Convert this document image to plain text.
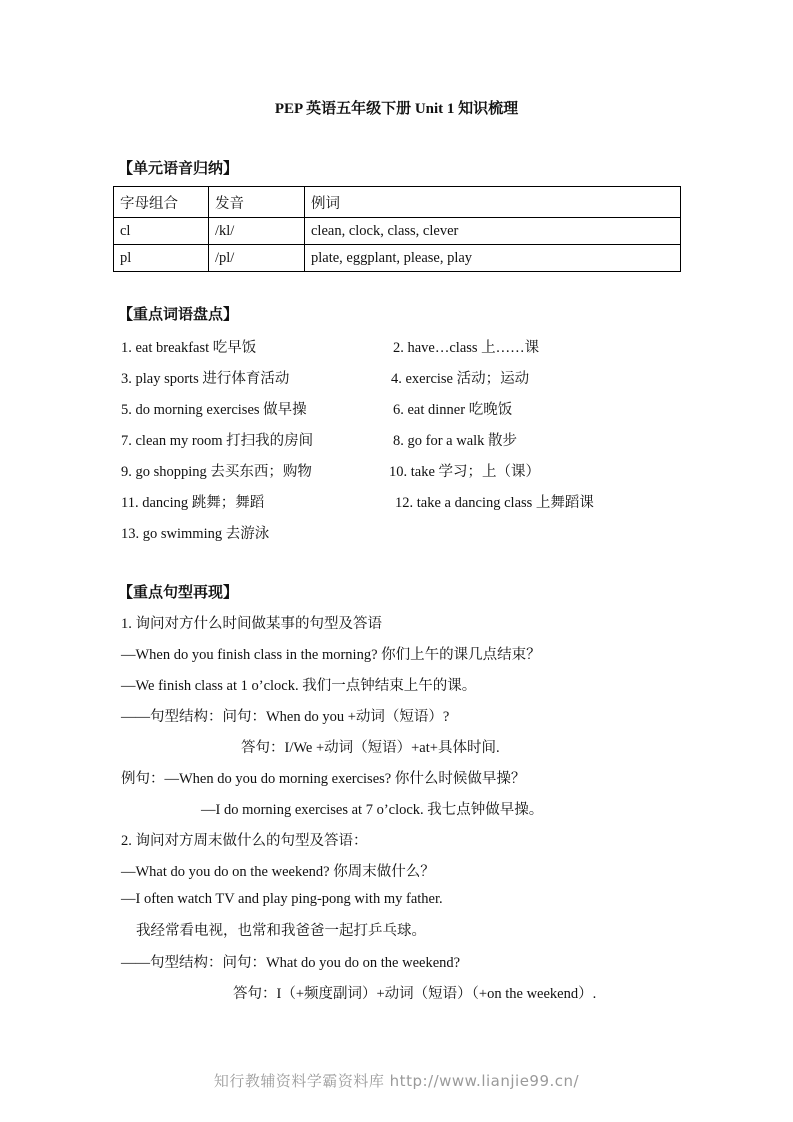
PEP 英语五年级下册 Unit 1 知识梳理
【单元语音归纳】
字母组合	发音	例词
cl	/kl/	clean, clock, class, clever
pl	/pl/	plate, eggplant, please, play
【重点词语盘点】
1. eat breakfast 吃早饭	2. have…class 上……课
3. play sports 进行体育活动	4. exercise 活动；运动
5. do morning exercises 做早操	6. eat dinner 吃晚饭
7. clean my room 打扫我的房间	8. go for a walk 散步
9. go shopping 去买东西；购物	10. take 学习；上（课）
11. dancing 跳舞；舞蹈	12. take a dancing class 上舞蹈课
13. go swimming 去游泳
【重点句型再现】
1. 询问对方什么时间做某事的句型及答语
—When do you finish class in the morning? 你们上午的课几点结束？
—We finish class at 1 o’clock. 我们一点钟结束上午的课。
——句型结构：问句：When do you +动词（短语）?
答句：I/We +动词（短语）+at+具体时间.
例句：—When do you do morning exercises? 你什么时候做早操？
—I do morning exercises at 7 o’clock. 我七点钟做早操。
2. 询问对方周末做什么的句型及答语：
—What do you do on the weekend? 你周末做什么？
—I often watch TV and play ping-pong with my father.
我经常看电视，也常和我爸爸一起打乒乓球。
——句型结构：问句：What do you do on the weekend?
答句：I（+频度副词）+动词（短语）（+on the weekend）.
知行教辅资料学霸资料库 http://www.lianjie99.cn/
